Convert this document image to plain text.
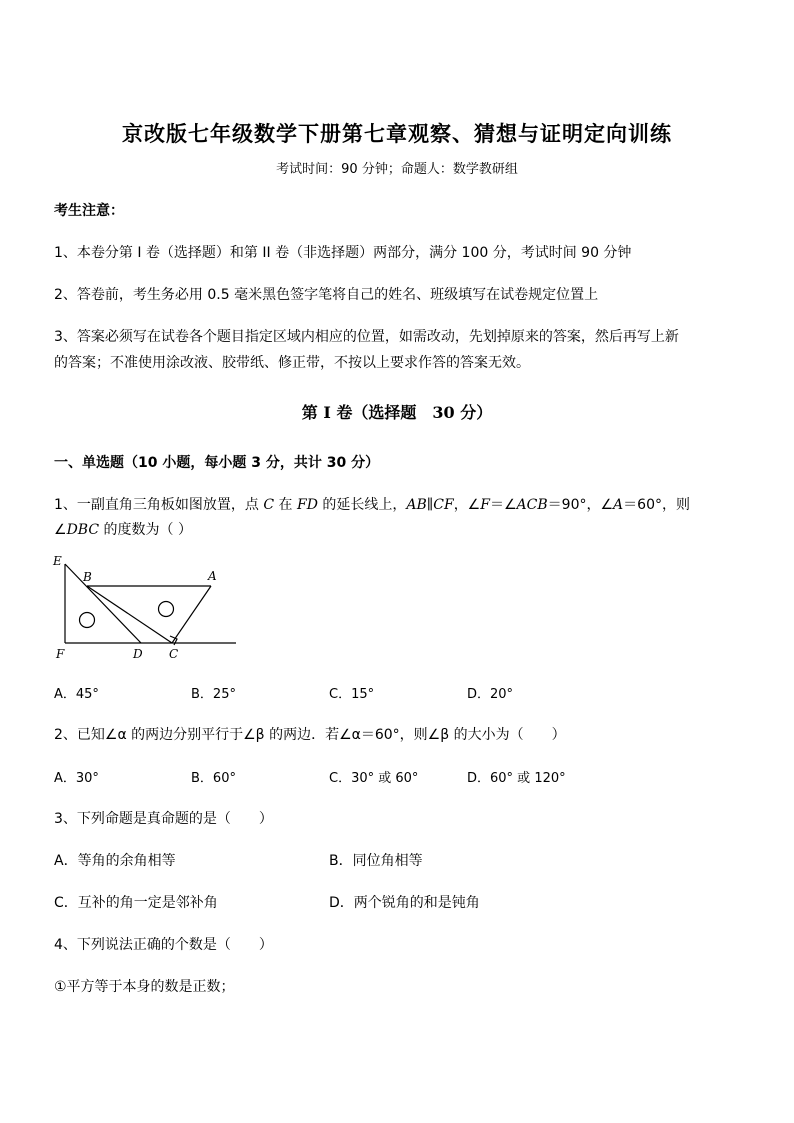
京改版七年级数学下册第七章观察、猜想与证明定向训练
考试时间：90 分钟；命题人：数学教研组
考生注意：
1、本卷分第 I 卷（选择题）和第 II 卷（非选择题）两部分，满分 100 分，考试时间 90 分钟
2、答卷前，考生务必用 0.5 毫米黑色签字笔将自己的姓名、班级填写在试卷规定位置上
3、答案必须写在试卷各个题目指定区域内相应的位置，如需改动，先划掉原来的答案，然后再写上新
的答案；不准使用涂改液、胶带纸、修正带，不按以上要求作答的答案无效。
第 I 卷（选择题　30 分）
一、单选题（10 小题，每小题 3 分，共计 30 分）
1、一副直角三角板如图放置，点 C 在 FD 的延长线上，AB∥CF，∠F＝∠ACB＝90°，∠A＝60°，则
∠DBC 的度数为（ ）
E
B	A
F	D C
A．45°	B．25°	C．15°	D．20°
2、已知∠α 的两边分别平行于∠β 的两边．若∠α＝60°，则∠β 的大小为（　　）
A．30°	B．60°	C．30° 或 60°	D．60° 或 120°
3、下列命题是真命题的是（　　）
A．等角的余角相等	B．同位角相等
C．互补的角一定是邻补角	D．两个锐角的和是钝角
4、下列说法正确的个数是（　　）
①平方等于本身的数是正数；
